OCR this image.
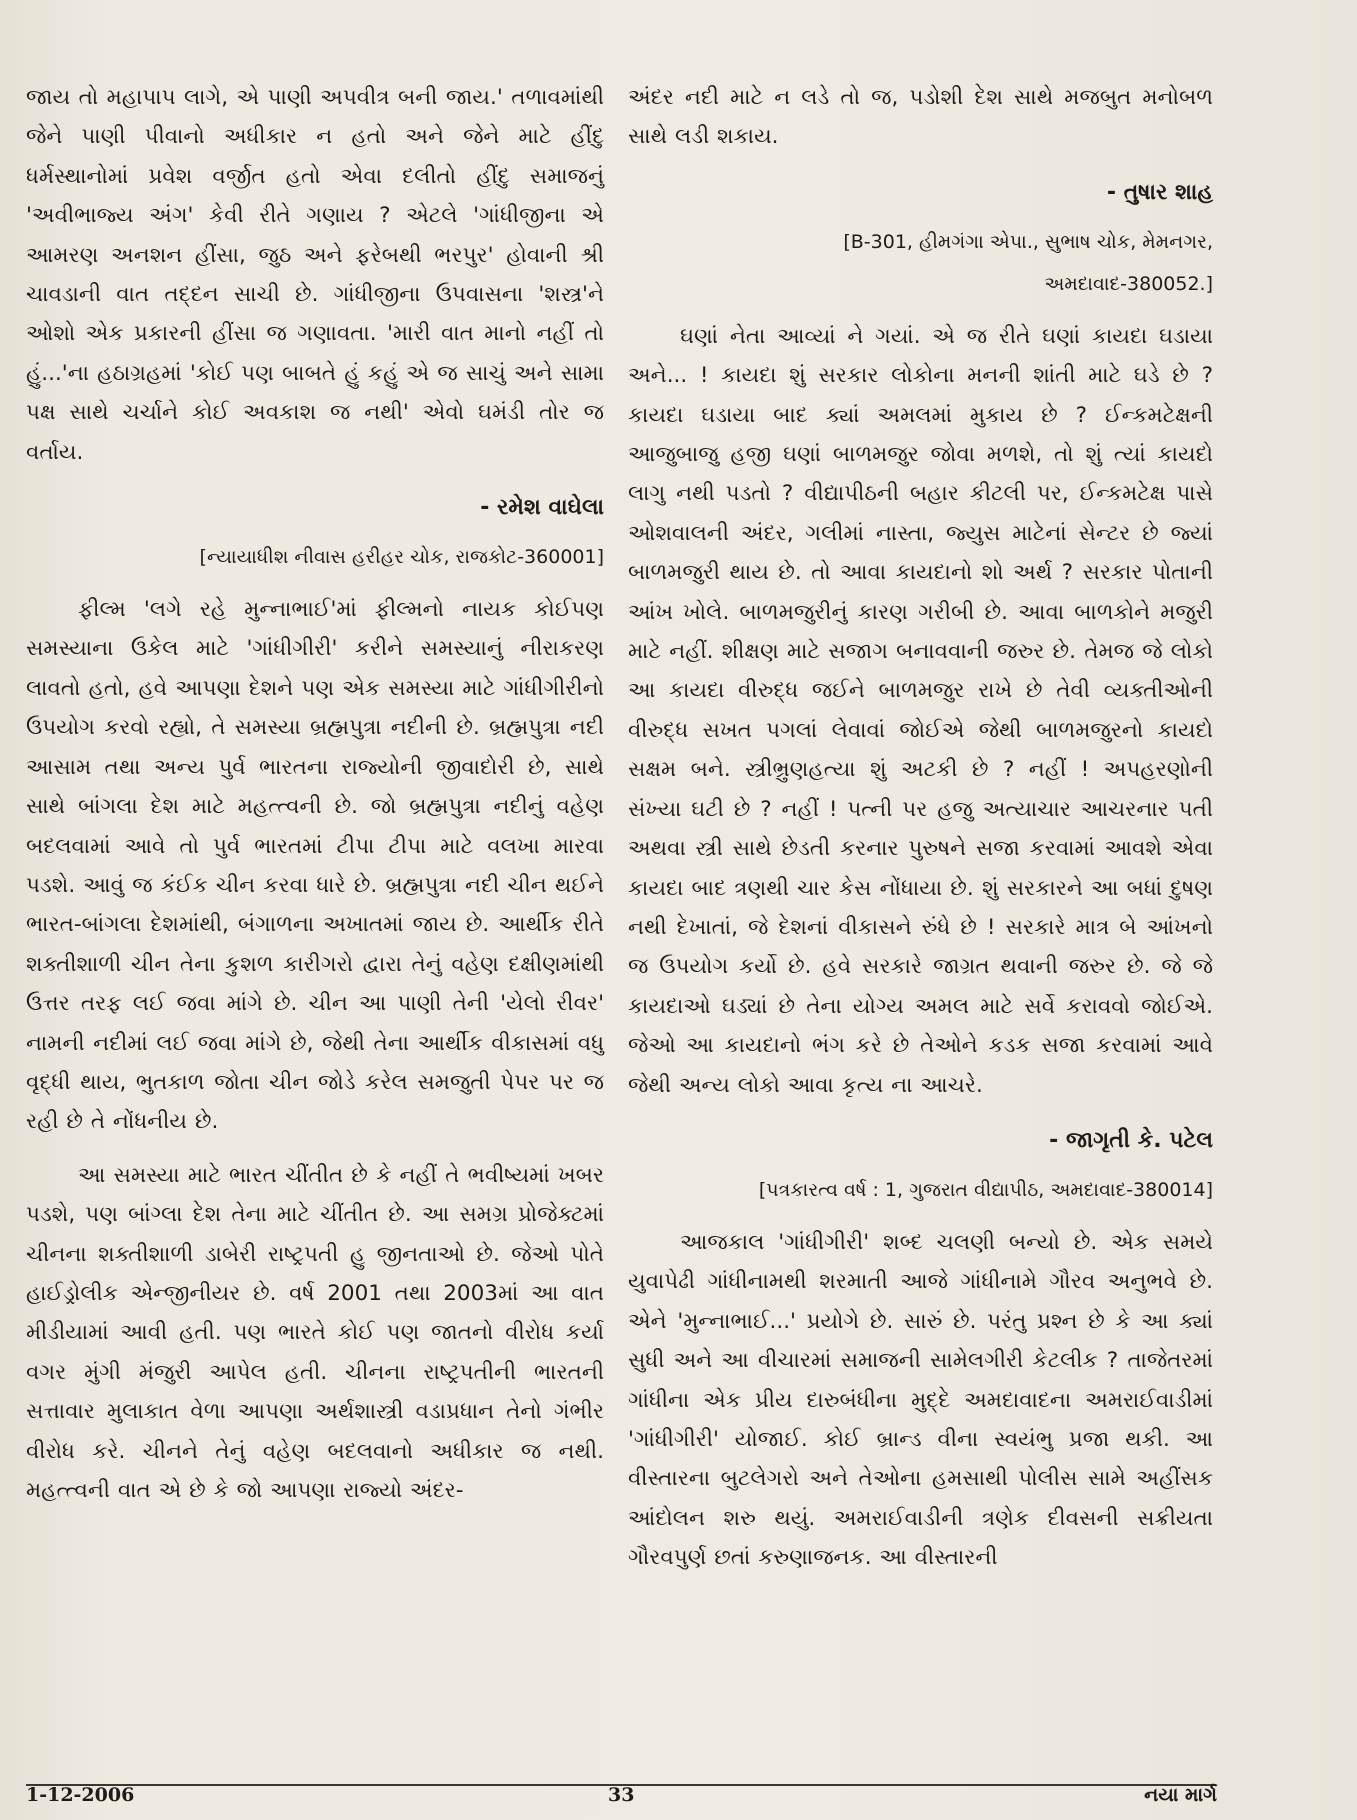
જાય તો મહાપાપ લાગે, એ પાણી અપવીત્ર બની જાય.' તળાવમાંથી જેને પાણી પીવાનો અધીકાર ન હતો અને જેને માટે હીંદુ ધર્મસ્થાનોમાં પ્રવેશ વર્જીત હતો એવા દલીતો હીંદુ સમાજનું 'અવીભાજ્ય અંગ' કેવી રીતે ગણાય ? એટલે 'ગાંધીજીના એ આમરણ અનશન હીંસા, જુઠ અને ફરેબથી ભરપુર' હોવાની શ્રી ચાવડાની વાત તદ્દન સાચી છે. ગાંધીજીના ઉપવાસના 'શસ્ત્ર'ને ઓશો એક પ્રકારની હીંસા જ ગણાવતા. 'મારી વાત માનો નહીં તો હું...'ના હઠાગ્રહમાં 'કોઈ પણ બાબતે હું કહું એ જ સાચું અને સામા પક્ષ સાથે ચર્ચાને કોઈ અવકાશ જ નથી' એવો ઘમંડી તોર જ વર્તાય.

- રમેશ વાઘેલા
[ન્યાયાધીશ નીવાસ હરીહર ચોક, રાજકોટ-360001]

ફીલ્મ 'લગે રહે મુન્નાભાઈ'માં ફીલ્મનો નાયક કોઈપણ સમસ્યાના ઉકેલ માટે 'ગાંધીગીરી' કરીને સમસ્યાનું નીરાકરણ લાવતો હતો, હવે આપણા દેશને પણ એક સમસ્યા માટે ગાંધીગીરીનો ઉપયોગ કરવો રહ્યો, તે સમસ્યા બ્રહ્મપુત્રા નદીની છે. બ્રહ્મપુત્રા નદી આસામ તથા અન્ય પુર્વ ભારતના રાજ્યોની જીવાદોરી છે, સાથે સાથે બાંગલા દેશ માટે મહત્ત્વની છે. જો બ્રહ્મપુત્રા નદીનું વહેણ બદલવામાં આવે તો પુર્વ ભારતમાં ટીપા ટીપા માટે વલખા મારવા પડશે. આવું જ કંઈક ચીન કરવા ધારે છે. બ્રહ્મપુત્રા નદી ચીન થઈને ભારત-બાંગલા દેશમાંથી, બંગાળના અખાતમાં જાય છે. આર્થીક રીતે શક્તીશાળી ચીન તેના કુશળ કારીગરો દ્વારા તેનું વહેણ દક્ષીણમાંથી ઉત્તર તરફ લઈ જવા માંગે છે. ચીન આ પાણી તેની 'યેલો રીવર' નામની નદીમાં લઈ જવા માંગે છે, જેથી તેના આર્થીક વીકાસમાં વધુ વૃદ્ધી થાય, ભુતકાળ જોતા ચીન જોડે કરેલ સમજુતી પેપર પર જ રહી છે તે નોંધનીય છે.

આ સમસ્યા માટે ભારત ચીંતીત છે કે નહીં તે ભવીષ્યમાં ખબર પડશે, પણ બાંગ્લા દેશ તેના માટે ચીંતીત છે. આ સમગ્ર પ્રોજેક્ટમાં ચીનના શક્તીશાળી ડાબેરી રાષ્ટ્રપતી હુ જીનતાઓ છે. જેઓ પોતે હાઈડ્રોલીક એન્જીનીયર છે. વર્ષ 2001 તથા 2003માં આ વાત મીડીયામાં આવી હતી. પણ ભારતે કોઈ પણ જાતનો વીરોધ કર્યા વગર મુંગી મંજુરી આપેલ હતી. ચીનના રાષ્ટ્રપતીની ભારતની સત્તાવાર મુલાકાત વેળા આપણા અર્થશાસ્ત્રી વડાપ્રધાન તેનો ગંભીર વીરોધ કરે. ચીનને તેનું વહેણ બદલવાનો અધીકાર જ નથી. મહત્ત્વની વાત એ છે કે જો આપણા રાજ્યો અંદર-

અંદર નદી માટે ન લડે તો જ, પડોશી દેશ સાથે મજબુત મનોબળ સાથે લડી શકાય.

- તુષાર શાહ
[B-301, હીમગંગા એપા., સુભાષ ચોક, મેમનગર,
અમદાવાદ-380052.]

ઘણાં નેતા આવ્યાં ને ગયાં. એ જ રીતે ઘણાં કાયદા ઘડાયા અને... ! કાયદા શું સરકાર લોકોના મનની શાંતી માટે ઘડે છે ? કાયદા ઘડાયા બાદ ક્યાં અમલમાં મુકાય છે ? ઈન્કમટેક્ષની આજુબાજુ હજી ઘણાં બાળમજુર જોવા મળશે, તો શું ત્યાં કાયદો લાગુ નથી પડતો ? વીદ્યાપીઠની બહાર કીટલી પર, ઈન્કમટેક્ષ પાસે ઓશવાલની અંદર, ગલીમાં નાસ્તા, જ્યુસ માટેનાં સેન્ટર છે જ્યાં બાળમજુરી થાય છે. તો આવા કાયદાનો શો અર્થ ? સરકાર પોતાની આંખ ખોલે. બાળમજુરીનું કારણ ગરીબી છે. આવા બાળકોને મજુરી માટે નહીં. શીક્ષણ માટે સજાગ બનાવવાની જરુર છે. તેમજ જે લોકો આ કાયદા વીરુદ્ધ જઈને બાળમજુર રાખે છે તેવી વ્યક્તીઓની વીરુદ્ધ સખત પગલાં લેવાવાં જોઈએ જેથી બાળમજુરનો કાયદો સક્ષમ બને. સ્ત્રીભ્રુણહત્યા શું અટકી છે ? નહીં ! અપહરણોની સંખ્યા ઘટી છે ? નહીં ! પત્ની પર હજુ અત્યાચાર આચરનાર પતી અથવા સ્ત્રી સાથે છેડતી કરનાર પુરુષને સજા કરવામાં આવશે એવા કાયદા બાદ ત્રણથી ચાર કેસ નોંધાયા છે. શું સરકારને આ બધાં દુષણ નથી દેખાતાં, જે દેશનાં વીકાસને રુંધે છે ! સરકારે માત્ર બે આંખનો જ ઉપયોગ કર્યો છે. હવે સરકારે જાગ્રત થવાની જરુર છે. જે જે કાયદાઓ ઘડ્યાં છે તેના યોગ્ય અમલ માટે સર્વે કરાવવો જોઈએ. જેઓ આ કાયદાનો ભંગ કરે છે તેઓને કડક સજા કરવામાં આવે જેથી અન્ય લોકો આવા કૃત્ય ના આચરે.

- જાગૃતી કે. પટેલ
[પત્રકારત્વ વર્ષ : 1, ગુજરાત વીદ્યાપીઠ, અમદાવાદ-380014]

આજકાલ 'ગાંધીગીરી' શબ્દ ચલણી બન્યો છે. એક સમયે યુવાપેઢી ગાંધીનામથી શરમાતી આજે ગાંધીનામે ગૌરવ અનુભવે છે. એને 'મુન્નાભાઈ...' પ્રયોગે છે. સારું છે. પરંતુ પ્રશ્ન છે કે આ ક્યાં સુધી અને આ વીચારમાં સમાજની સામેલગીરી કેટલીક ? તાજેતરમાં ગાંધીના એક પ્રીય દારુબંધીના મુદ્દે અમદાવાદના અમરાઈવાડીમાં 'ગાંધીગીરી' યોજાઈ. કોઈ બ્રાન્ડ વીના સ્વયંભુ પ્રજા થકી. આ વીસ્તારના બુટલેગરો અને તેઓના હમસાથી પોલીસ સામે અહીંસક આંદોલન શરુ થયું. અમરાઈવાડીની ત્રણેક દીવસની સક્રીયતા ગૌરવપુર્ણ છતાં કરુણાજનક. આ વીસ્તારની

1-12-2006	33	નયા માર્ગ
